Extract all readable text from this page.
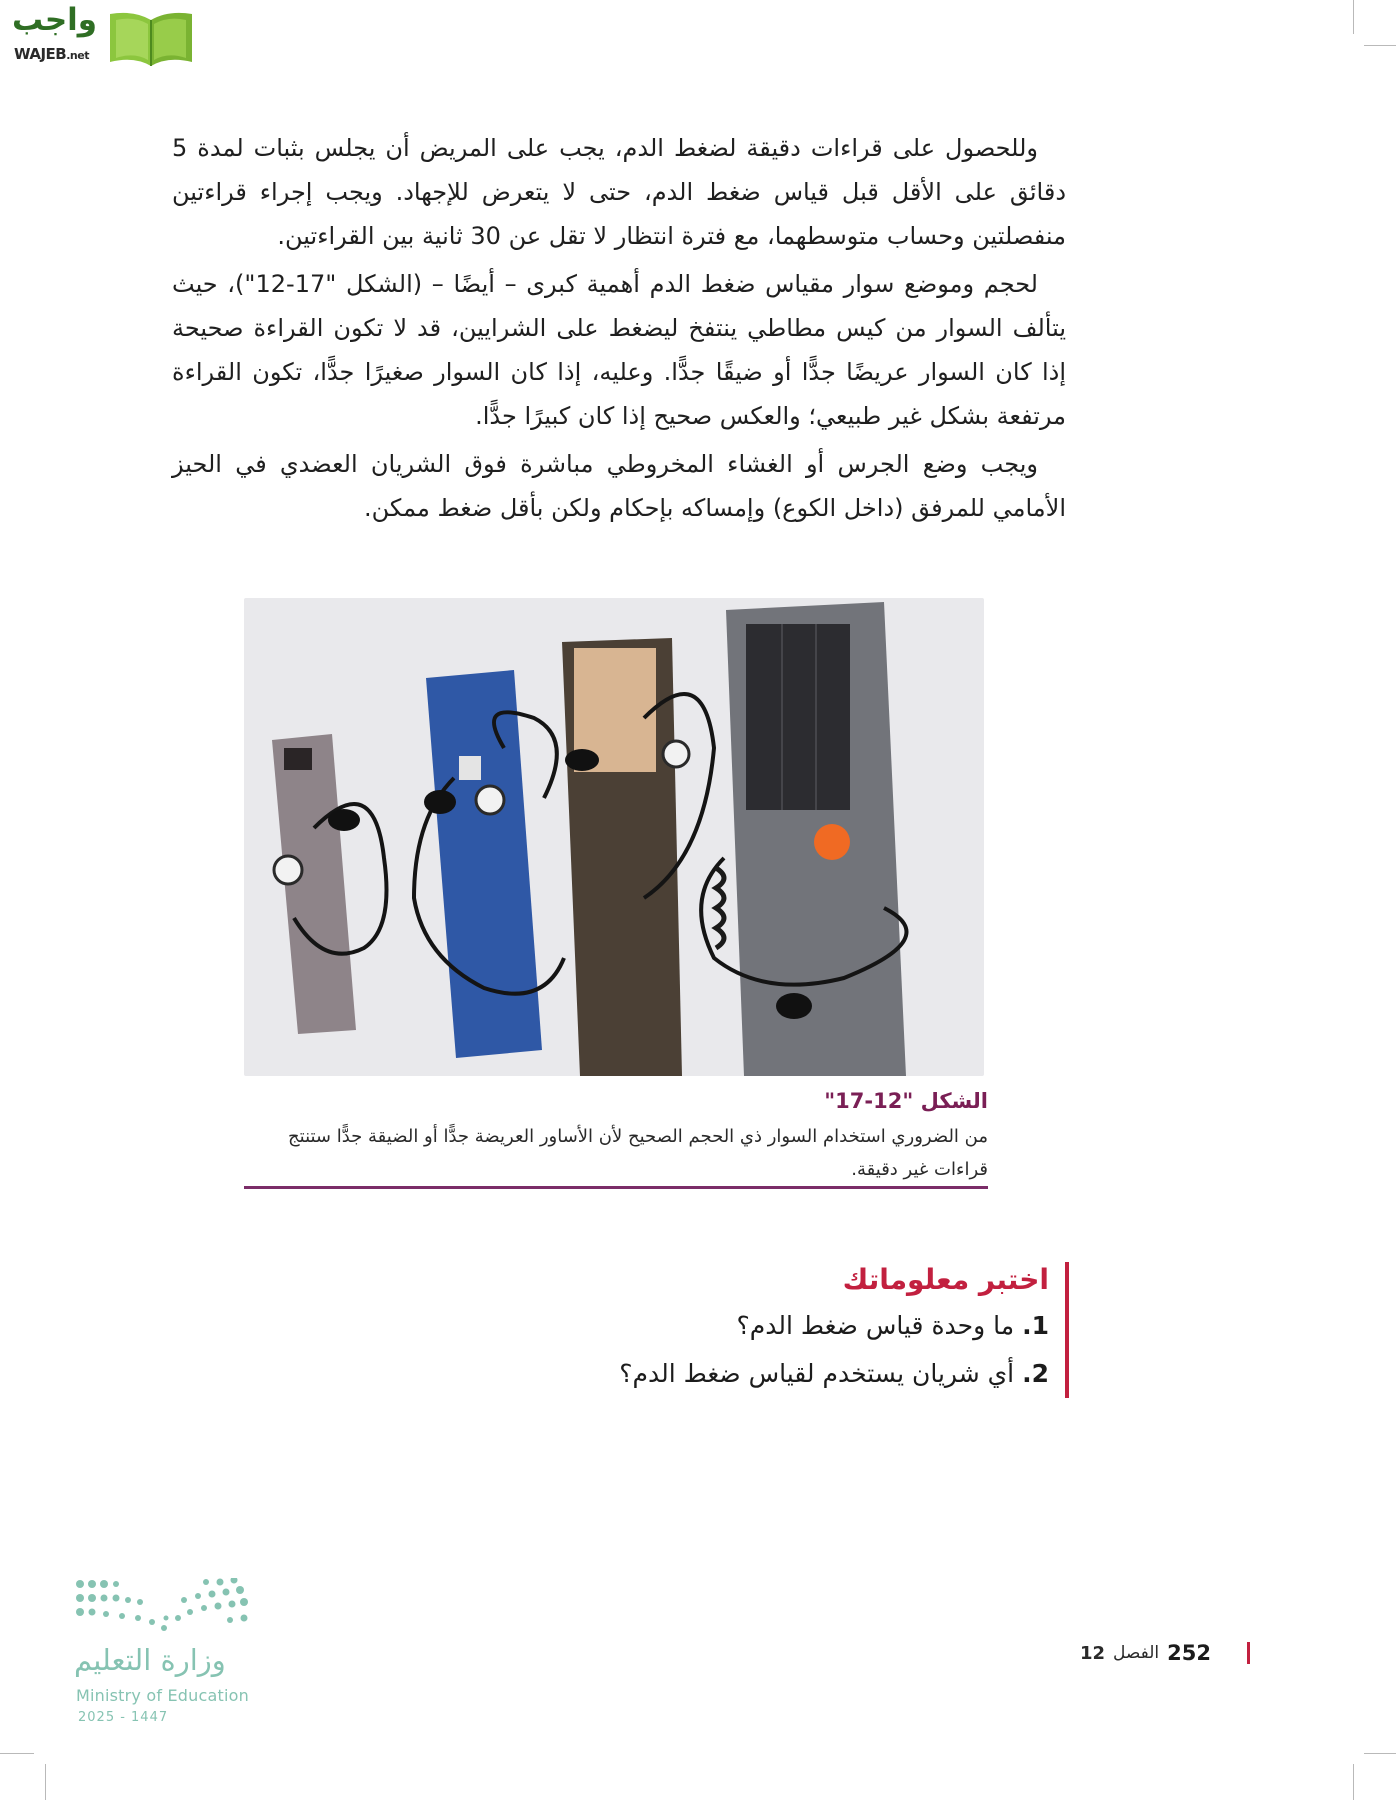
واجب
WAJEB.net

وللحصول على قراءات دقيقة لضغط الدم، يجب على المريض أن يجلس بثبات لمدة 5 دقائق على الأقل قبل قياس ضغط الدم، حتى لا يتعرض للإجهاد. ويجب إجراء قراءتين منفصلتين وحساب متوسطهما، مع فترة انتظار لا تقل عن 30 ثانية بين القراءتين.

لحجم وموضع سوار مقياس ضغط الدم أهمية كبرى – أيضًا – (الشكل "17-12")، حيث يتألف السوار من كيس مطاطي ينتفخ ليضغط على الشرايين، قد لا تكون القراءة صحيحة إذا كان السوار عريضًا جدًّا أو ضيقًا جدًّا. وعليه، إذا كان السوار صغيرًا جدًّا، تكون القراءة مرتفعة بشكل غير طبيعي؛ والعكس صحيح إذا كان كبيرًا جدًّا.

ويجب وضع الجرس أو الغشاء المخروطي مباشرة فوق الشريان العضدي في الحيز الأمامي للمرفق (داخل الكوع) وإمساكه بإحكام ولكن بأقل ضغط ممكن.

الشكل "12-17"
من الضروري استخدام السوار ذي الحجم الصحيح لأن الأساور العريضة جدًّا أو الضيقة جدًّا ستنتج قراءات غير دقيقة.
اختبر معلوماتك
1. ما وحدة قياس ضغط الدم؟
2. أي شريان يستخدم لقياس ضغط الدم؟
وزارة التعليم
Ministry of Education
2025 - 1447
252
الفصل
12
